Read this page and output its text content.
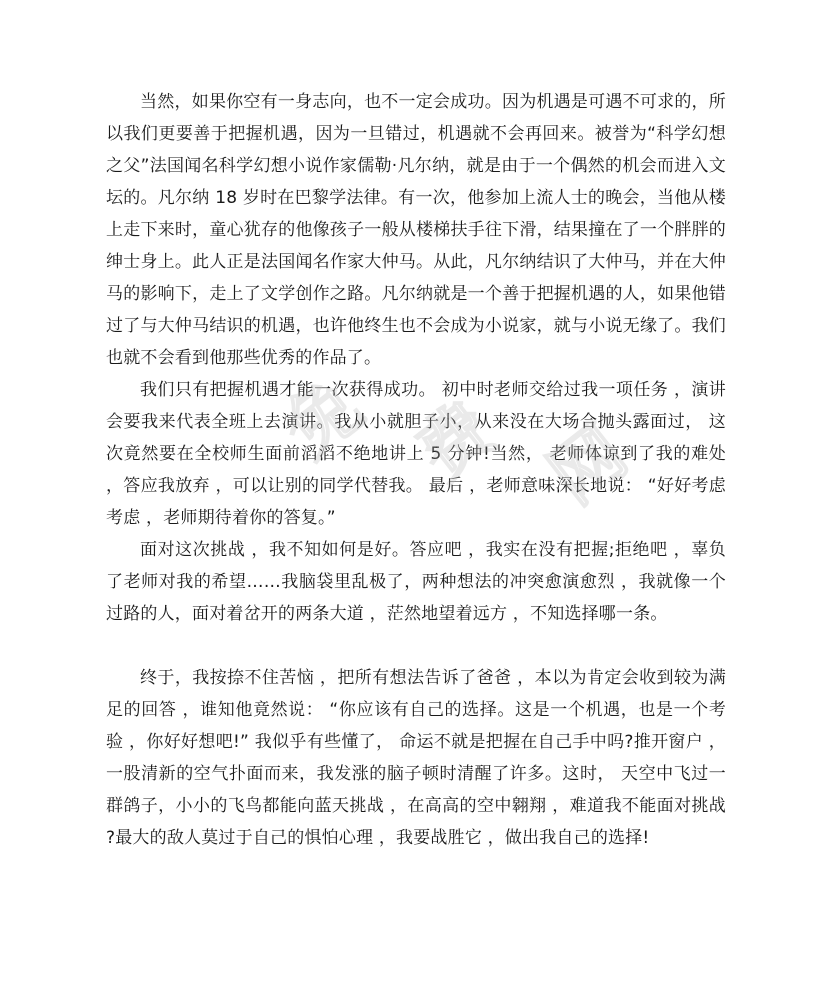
当然，如果你空有一身志向，也不一定会成功。因为机遇是可遇不可求的，所以我们更要善于把握机遇，因为一旦错过，机遇就不会再回来。被誉为“科学幻想之父”法国闻名科学幻想小说作家儒勒·凡尔纳，就是由于一个偶然的机会而进入文坛的。凡尔纳 18 岁时在巴黎学法律。有一次，他参加上流人士的晚会，当他从楼上走下来时，童心犹存的他像孩子一般从楼梯扶手往下滑，结果撞在了一个胖胖的绅士身上。此人正是法国闻名作家大仲马。从此，凡尔纳结识了大仲马，并在大仲马的影响下，走上了文学创作之路。凡尔纳就是一个善于把握机遇的人，如果他错过了与大仲马结识的机遇，也许他终生也不会成为小说家，就与小说无缘了。我们也就不会看到他那些优秀的作品了。

我们只有把握机遇才能一次获得成功。 初中时老师交给过我一项任务 ，演讲会要我来代表全班上去演讲。我从小就胆子小，从来没在大场合抛头露面过， 这次竟然要在全校师生面前滔滔不绝地讲上 5 分钟!当然， 老师体谅到了我的难处 ，答应我放弃 ，可以让别的同学代替我。 最后 ，老师意味深长地说： “好好考虑考虑 ，老师期待着你的答复。”

面对这次挑战 ，我不知如何是好。答应吧 ，我实在没有把握;拒绝吧 ，辜负了老师对我的希望……我脑袋里乱极了，两种想法的冲突愈演愈烈 ，我就像一个过路的人，面对着岔开的两条大道 ，茫然地望着远方 ，不知选择哪一条。

终于，我按捺不住苦恼 ，把所有想法告诉了爸爸 ，本以为肯定会收到较为满足的回答 ，谁知他竟然说： “你应该有自己的选择。这是一个机遇，也是一个考验 ，你好好想吧!” 我似乎有些懂了， 命运不就是把握在自己手中吗?推开窗户 ，一股清新的空气扑面而来，我发涨的脑子顿时清醒了许多。这时， 天空中飞过一群鸽子，小小的飞鸟都能向蓝天挑战 ，在高高的空中翱翔 ，难道我不能面对挑战 ?最大的敌人莫过于自己的惧怕心理 ，我要战胜它 ，做出我自己的选择!

免 费 网
